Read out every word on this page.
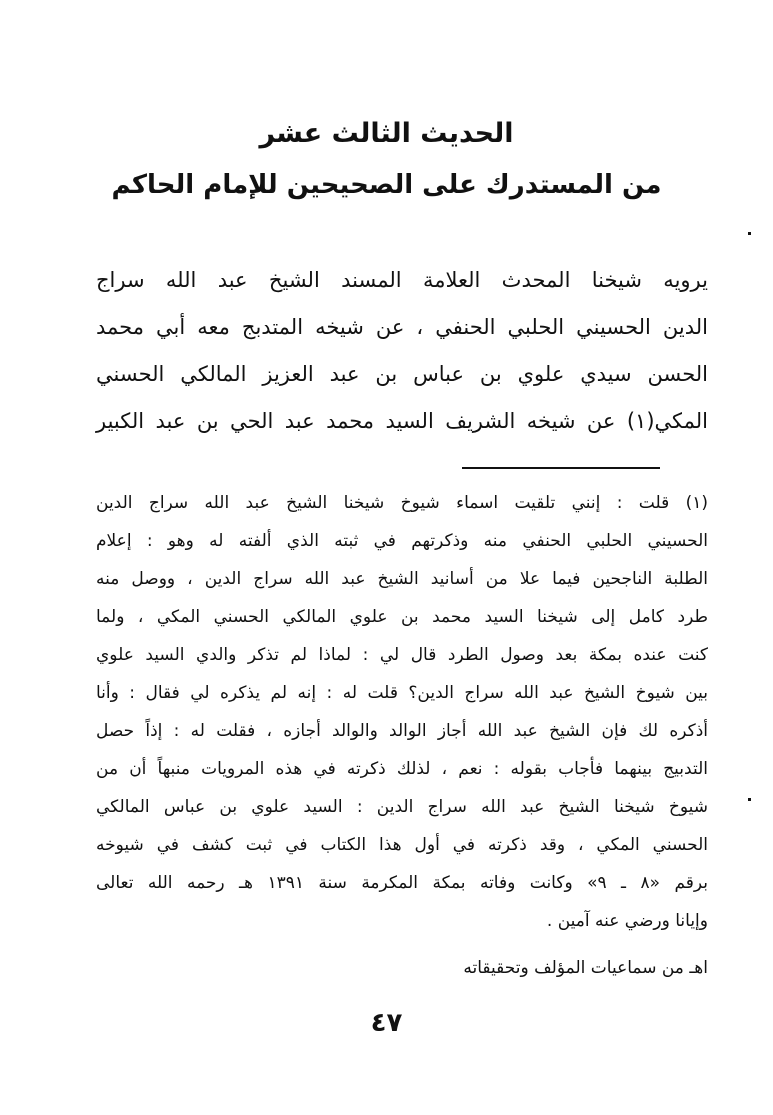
الحديث الثالث عشر
من المستدرك على الصحيحين للإمام الحاكم
يرويه شيخنا المحدث العلامة المسند الشيخ عبد الله سراج
الدين الحسيني الحلبي الحنفي ، عن شيخه المتدبج معه أبي محمد
الحسن سيدي علوي بن عباس بن عبد العزيز المالكي الحسني
المكي(١) عن شيخه الشريف السيد محمد عبد الحي بن عبد الكبير
(١) قلت : إنني تلقيت اسماء شيوخ شيخنا الشيخ عبد الله سراج الدين
الحسيني الحلبي الحنفي منه وذكرتهم في ثبته الذي ألفته له وهو : إعلام
الطلبة الناجحين فيما علا من أسانيد الشيخ عبد الله سراج الدين ، ووصل منه
طرد كامل إلى شيخنا السيد محمد بن علوي المالكي الحسني المكي ، ولما
كنت عنده بمكة بعد وصول الطرد قال لي : لماذا لم تذكر والدي السيد علوي
بين شيوخ الشيخ عبد الله سراج الدين؟ قلت له : إنه لم يذكره لي فقال : وأنا
أذكره لك فإن الشيخ عبد الله أجاز الوالد والوالد أجازه ، فقلت له : إذاً حصل
التدبيج بينهما فأجاب بقوله : نعم ، لذلك ذكرته في هذه المرويات منبهاً أن من
شيوخ شيخنا الشيخ عبد الله سراج الدين : السيد علوي بن عباس المالكي
الحسني المكي ، وقد ذكرته في أول هذا الكتاب في ثبت كشف في شيوخه
برقم «٨ ـ ٩» وكانت وفاته بمكة المكرمة سنة ١٣٩١ هـ رحمه الله تعالى
وإيانا ورضي عنه آمين .
اهـ من سماعيات المؤلف وتحقيقاته
٤٧
